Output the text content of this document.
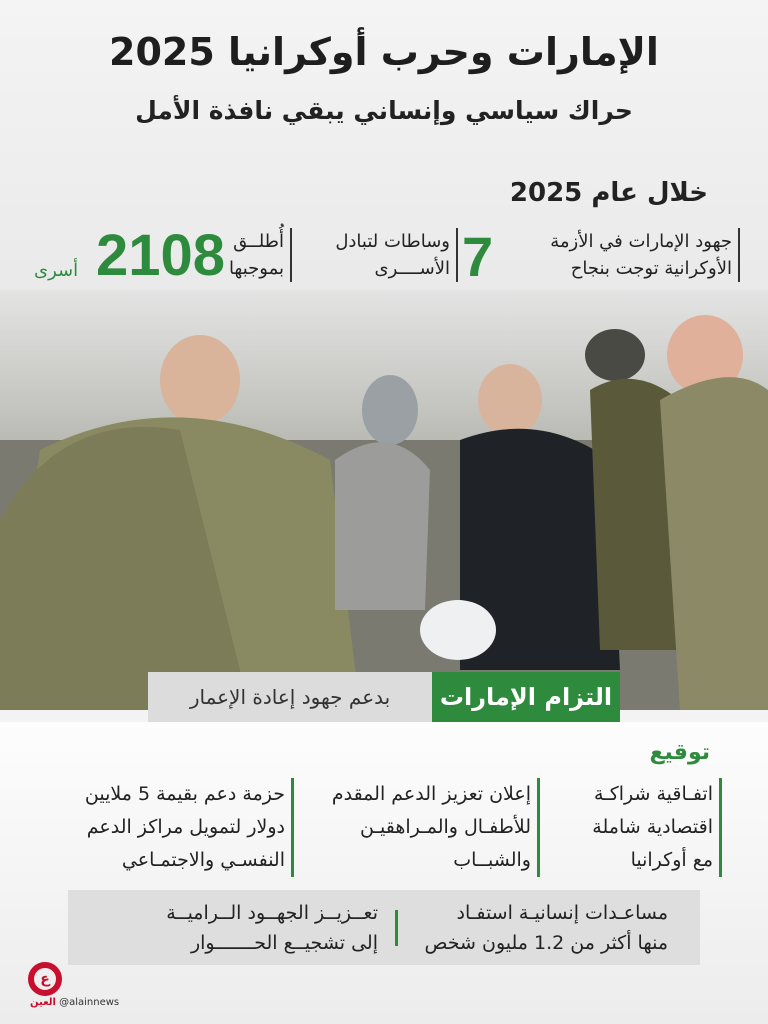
الإمارات وحرب أوكرانيا 2025
حراك سياسي وإنساني يبقي نافذة الأمل
خلال عام 2025
جهود الإمارات في الأزمة
الأوكرانية توجت بنجاح
7
وساطات لتبادل
الأســــرى
أُطلــق
بموجبها
2108
أسرى
التزام الإمارات
بدعم جهود إعادة الإعمار
توقيع
اتفـاقية شراكـة
اقتصادية شاملة
مع أوكرانيا
إعلان تعزيز الدعم المقدم
للأطفـال والمـراهقيـن
والشبــاب
حزمة دعم بقيمة 5 ملايين
دولار لتمويل مراكز الدعم
النفسـي والاجتمـاعي
مساعـدات إنسانيـة استفـاد
منها أكثر من 1.2 مليون شخص
تعــزيــز الجهــود الــراميــة
إلى تشجيــع الحـــــــوار
ع
العين @alainnews
